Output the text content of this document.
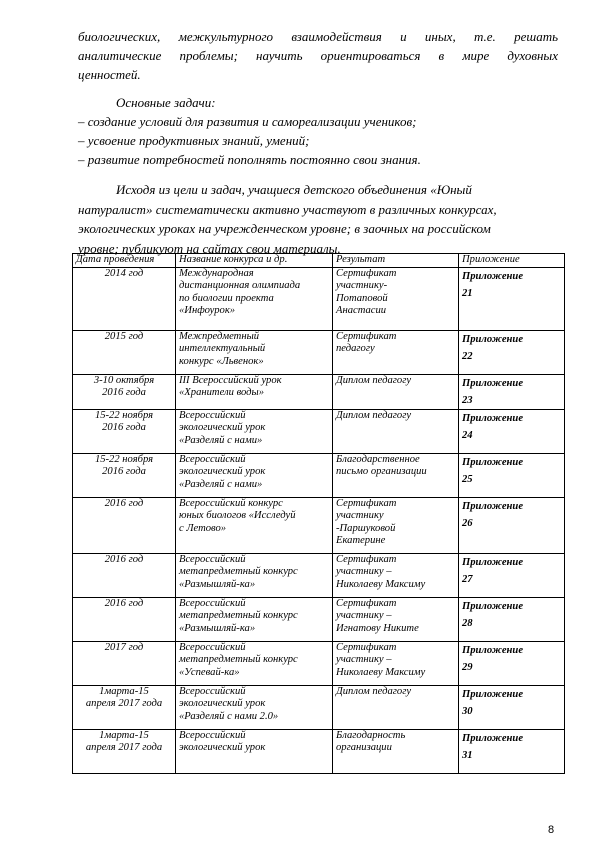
биологических, межкультурного взаимодействия и иных, т.е. решать
аналитические проблемы; научить ориентироваться в мире духовных
ценностей.
Основные задачи:
– создание условий для развития и самореализации учеников;
– усвоение продуктивных знаний, умений;
– развитие потребностей пополнять постоянно свои знания.
Исходя из цели и задач, учащиеся детского объединения «Юный
натуралист» систематически активно участвуют в различных конкурсах,
экологических уроках на учрежденческом уровне; в заочных на российском
уровне; публикуют на сайтах свои материалы.
Дата проведения	Название конкурса и др.	Результат	Приложение
2014 год	Международная
дистанционная олимпиада
по биологии проекта
«Инфоурок»	Сертификат
участнику-
Потаповой
Анастасии	Приложение
21

2015 год	Межпредметный
интеллектуальный
конкурс «Львенок»	Сертификат
педагогу	Приложение
22

3-10 октября
2016 года	III Всероссийский урок
«Хранители воды»	Диплом педагогу	Приложение
23

15-22 ноября
2016 года	Всероссийский
экологический урок
«Разделяй с нами»	Диплом педагогу	Приложение
24

15-22 ноября
2016 года	Всероссийский
экологический урок
«Разделяй с нами»	Благодарственное
письмо организации	Приложение
25

2016 год	Всероссийский конкурс
юных биологов «Исследуй
с Летово»	Сертификат
участнику
-Паршуковой
Екатерине	Приложение
26

2016 год	Всероссийский
метапредметный конкурс
«Размышляй-ка»	Сертификат
участнику –
Николаеву Максиму	Приложение
27

2016 год	Всероссийский
метапредметный конкурс
«Размышляй-ка»	Сертификат
участнику –
Игнатову Никите	Приложение
28

2017 год	Всероссийский
метапредметный конкурс
«Успевай-ка»	Сертификат
участнику –
Николаеву Максиму	Приложение
29

1марта-15
апреля 2017 года	Всероссийский
экологический урок
«Разделяй с нами 2.0»	Диплом педагогу	Приложение
30

1марта-15
апреля 2017 года	Всероссийский
экологический урок	Благодарность
организации	Приложение
31
8
